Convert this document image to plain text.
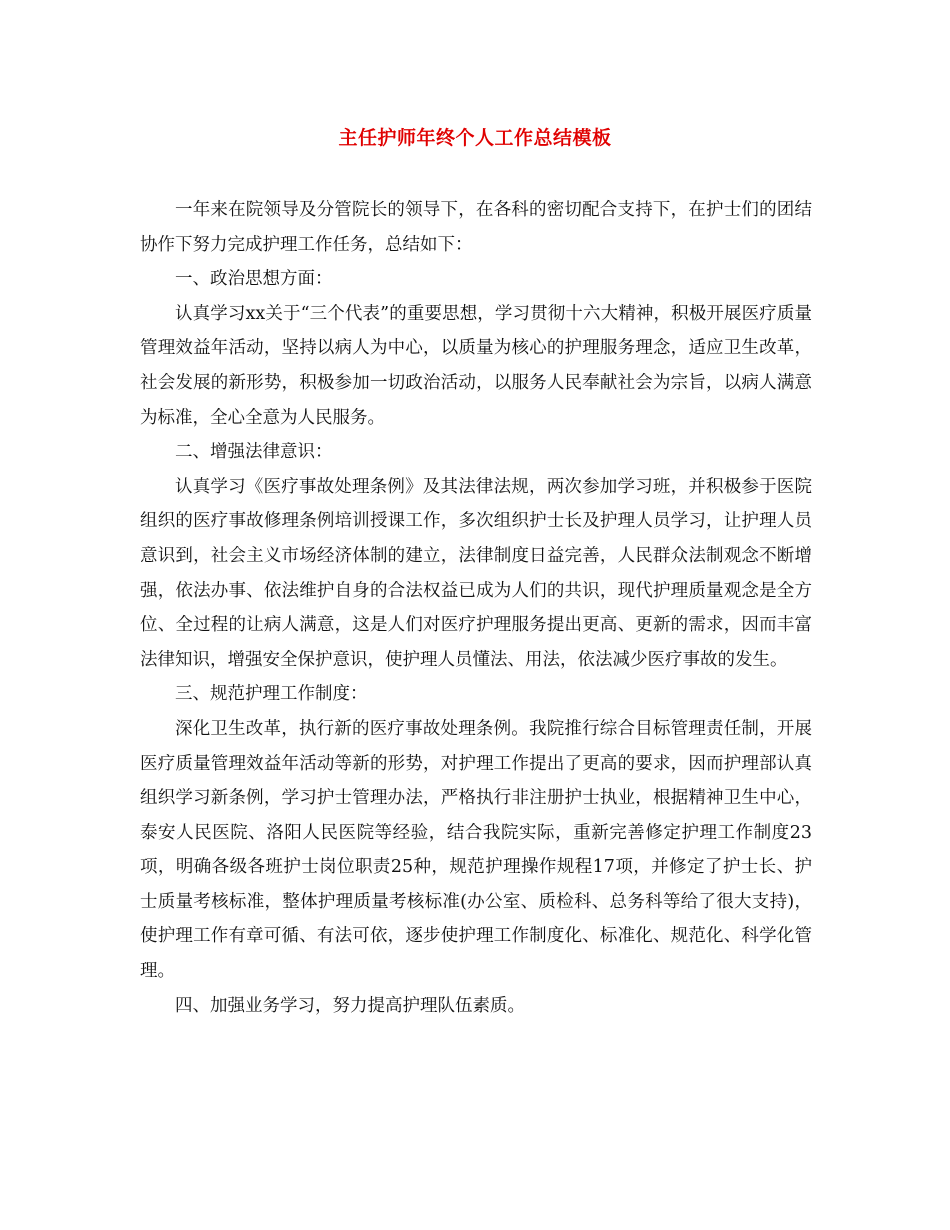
主任护师年终个人工作总结模板

一年来在院领导及分管院长的领导下，在各科的密切配合支持下，在护士们的团结协作下努力完成护理工作任务，总结如下：

一、政治思想方面：

认真学习xx关于“三个代表”的重要思想，学习贯彻十六大精神，积极开展医疗质量管理效益年活动，坚持以病人为中心，以质量为核心的护理服务理念，适应卫生改革，社会发展的新形势，积极参加一切政治活动，以服务人民奉献社会为宗旨，以病人满意为标准，全心全意为人民服务。

二、增强法律意识：

认真学习《医疗事故处理条例》及其法律法规，两次参加学习班，并积极参于医院组织的医疗事故修理条例培训授课工作，多次组织护士长及护理人员学习，让护理人员意识到，社会主义市场经济体制的建立，法律制度日益完善，人民群众法制观念不断增强，依法办事、依法维护自身的合法权益已成为人们的共识，现代护理质量观念是全方位、全过程的让病人满意，这是人们对医疗护理服务提出更高、更新的需求，因而丰富法律知识，增强安全保护意识，使护理人员懂法、用法，依法减少医疗事故的发生。

三、规范护理工作制度：

深化卫生改革，执行新的医疗事故处理条例。我院推行综合目标管理责任制，开展医疗质量管理效益年活动等新的形势，对护理工作提出了更高的要求，因而护理部认真组织学习新条例，学习护士管理办法，严格执行非注册护士执业，根据精神卫生中心，泰安人民医院、洛阳人民医院等经验，结合我院实际，重新完善修定护理工作制度23项，明确各级各班护士岗位职责25种，规范护理操作规程17项，并修定了护士长、护士质量考核标准，整体护理质量考核标准(办公室、质检科、总务科等给了很大支持)，使护理工作有章可循、有法可依，逐步使护理工作制度化、标准化、规范化、科学化管理。

四、加强业务学习，努力提高护理队伍素质。
